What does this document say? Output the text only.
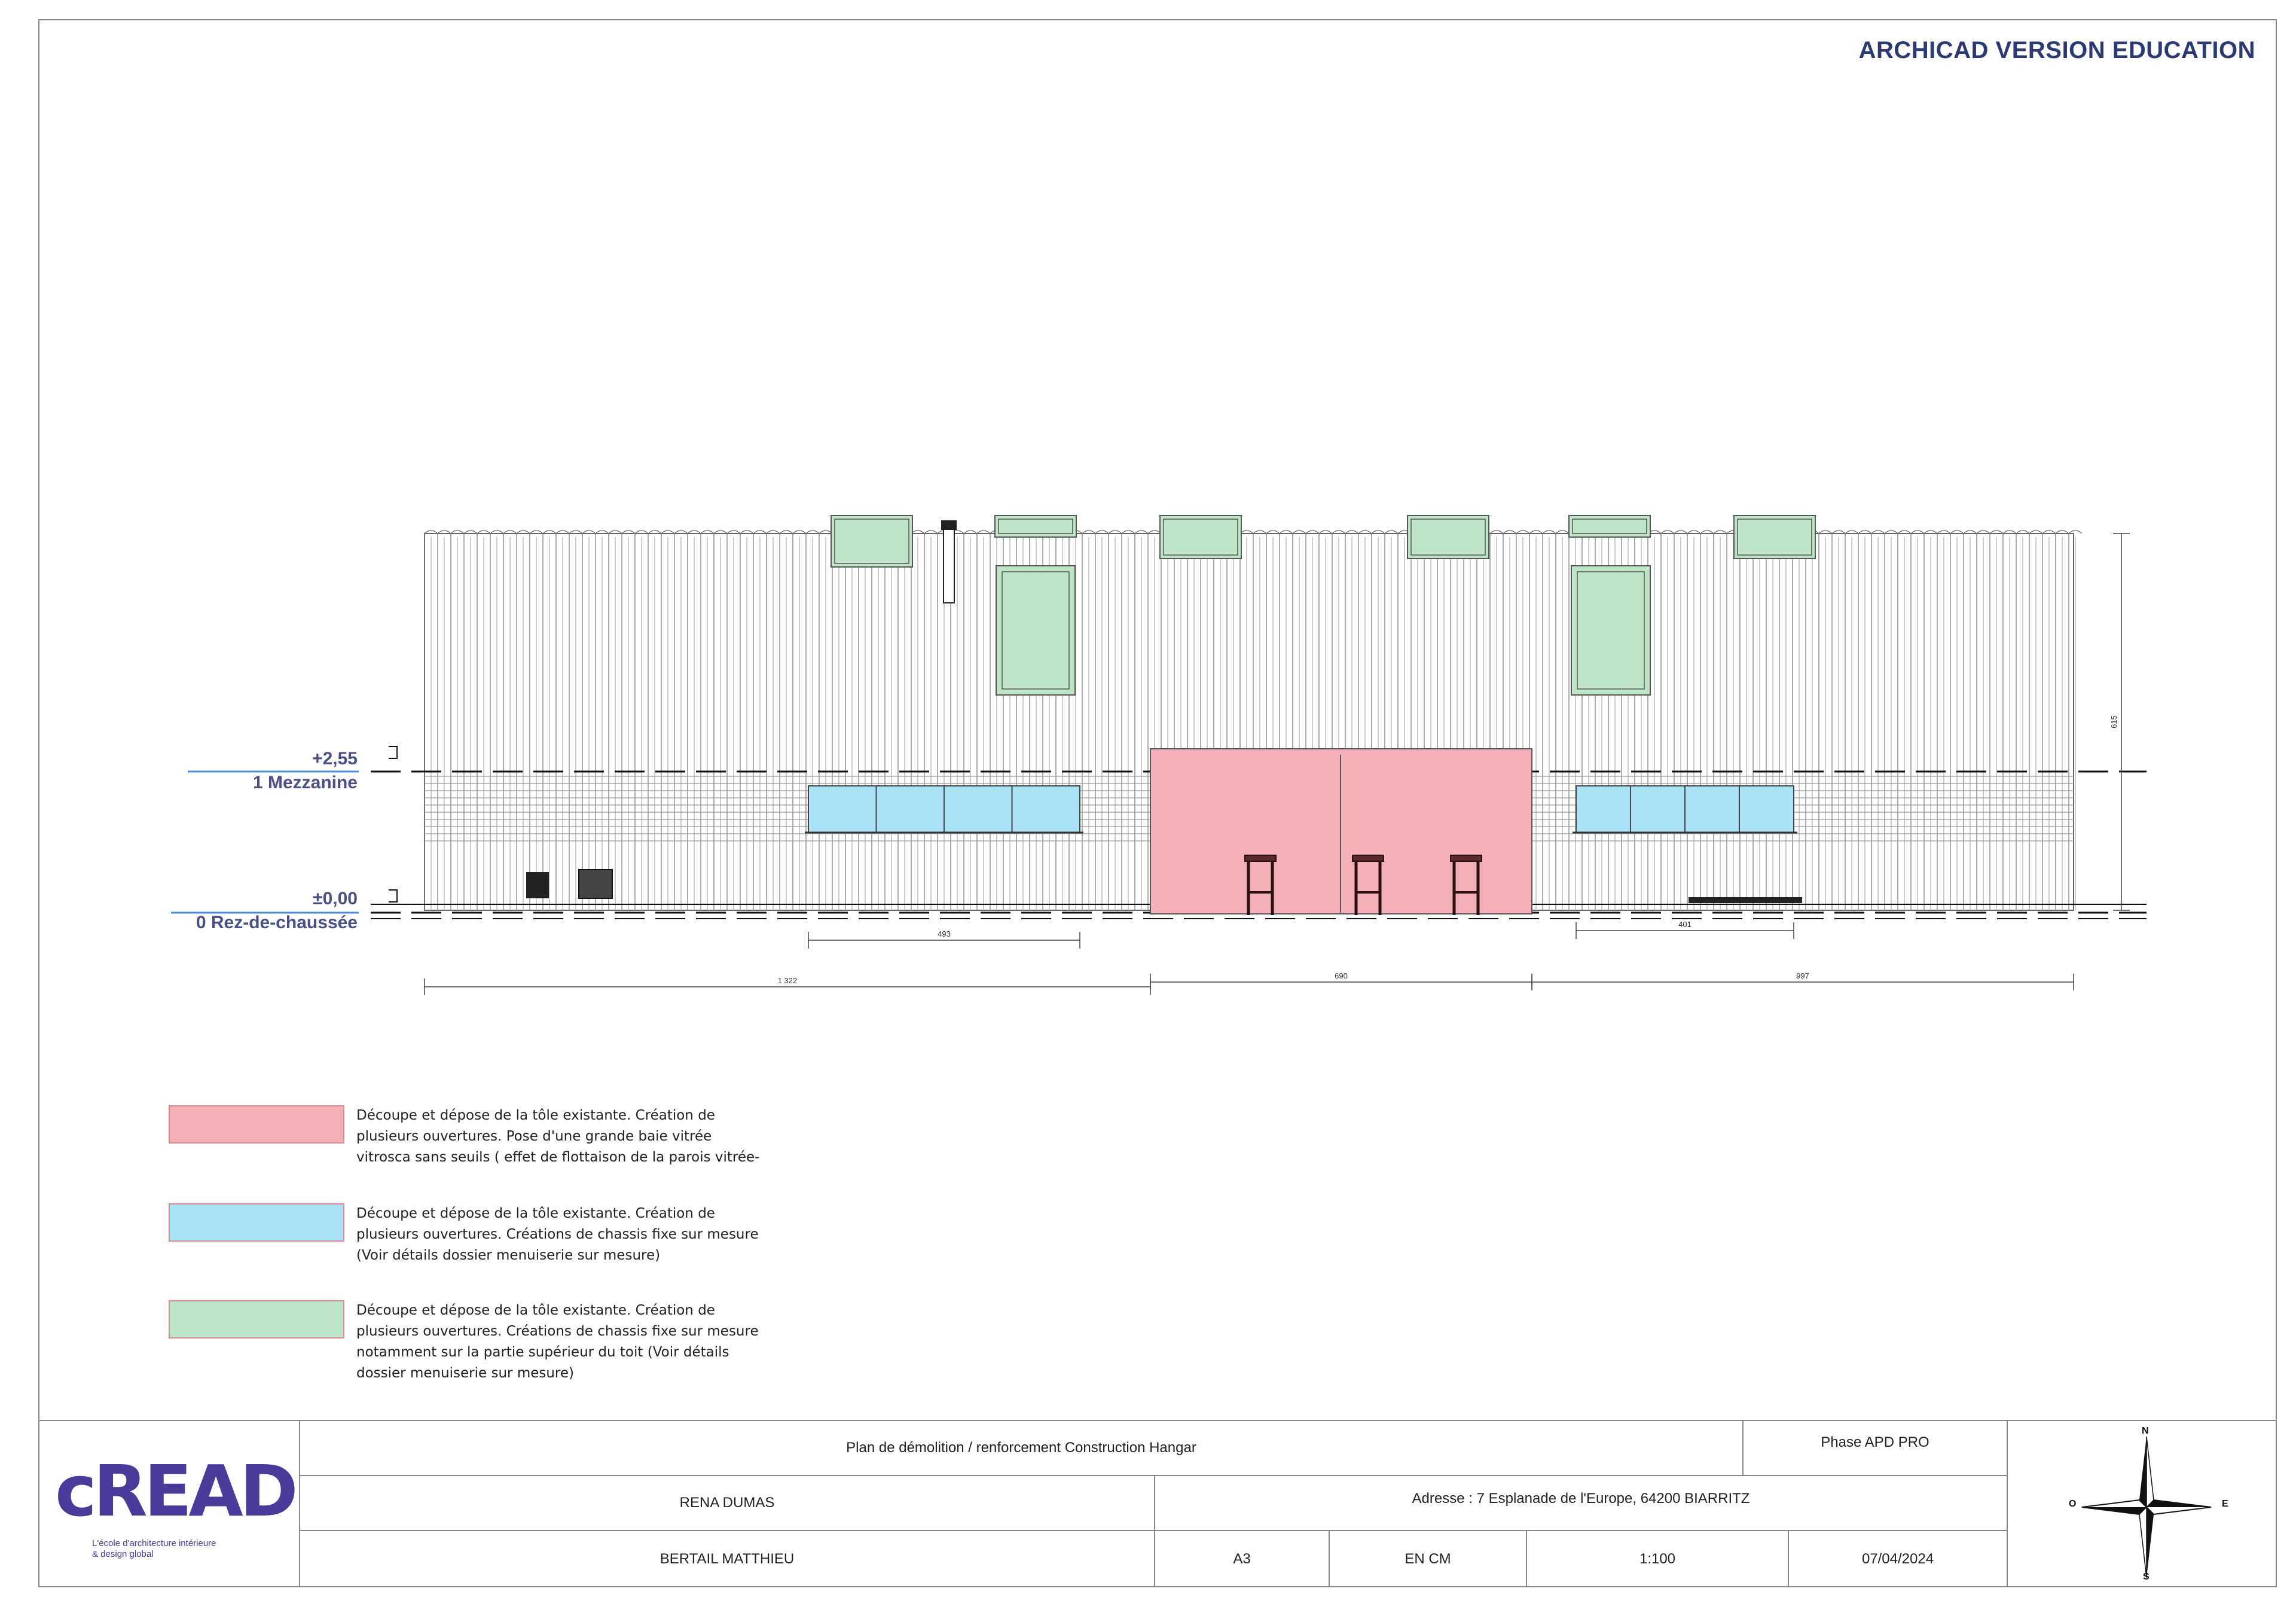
ARCHICAD VERSION EDUCATION
493
401
1 322
690	997
615
+2,55
1 Mezzanine
±0,00
0 Rez-de-chaussée
Découpe et dépose de la tôle existante. Création de plusieurs ouvertures. Pose d'une grande baie vitrée vitrosca sans seuils ( effet de flottaison de la parois vitrée-
Découpe et dépose de la tôle existante. Création de plusieurs ouvertures. Créations de chassis fixe sur mesure (Voir détails dossier menuiserie sur mesure)
Découpe et dépose de la tôle existante. Création de plusieurs ouvertures. Créations de chassis fixe sur mesure notamment sur la partie supérieur du toit (Voir détails dossier menuiserie sur mesure)
cREAD
L'école d'architecture intérieure & design global
Plan de démolition / renforcement Construction Hangar	Phase APD PRO
RENA DUMAS	Adresse : 7 Esplanade de l'Europe, 64200 BIARRITZ
BERTAIL MATTHIEU	A3	EN CM	1:100	07/04/2024
N
S
E
O
